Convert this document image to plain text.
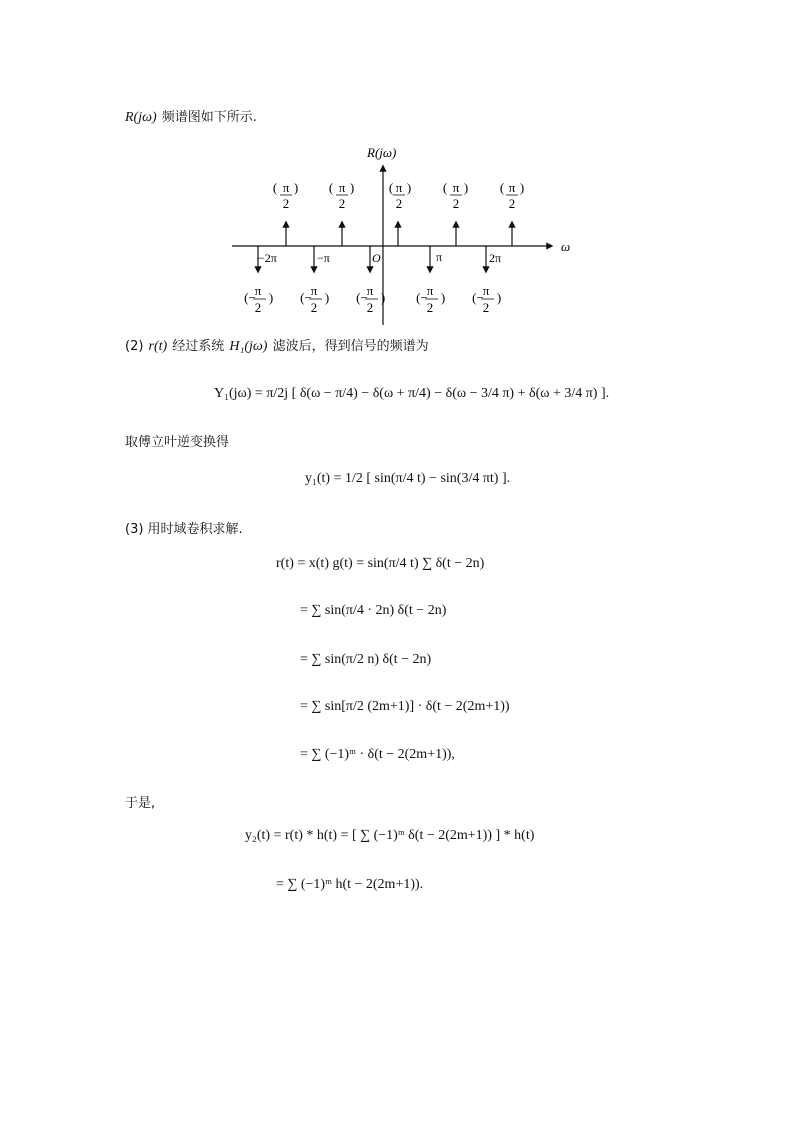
R(jω) 频谱图如下所示.
R(jω)
ω
O
−2π	−π	π	2π
( π
2
) ( π
2
)	( π
2
) ( π
2
) ( π
2
)
(−
π
2
) (−
π
2
) (−
π
2
) (−
π
2
) (−
π
2
)
(2) r(t) 经过系统 H₁(jω) 滤波后，得到信号的频谱为
Y₁(jω) = π/2j [ δ(ω − π/4) − δ(ω + π/4) − δ(ω − 3/4 π) + δ(ω + 3/4 π) ].
取傅立叶逆变换得
y₁(t) = 1/2 [ sin(π/4 t) − sin(3/4 πt) ].
(3) 用时域卷积求解.
r(t) = x(t) g(t) = sin(π/4 t) ∑ δ(t − 2n)
= ∑ sin(π/4 · 2n) δ(t − 2n)
= ∑ sin(π/2 n) δ(t − 2n)
= ∑ sin[π/2 (2m+1)] · δ(t − 2(2m+1))
= ∑ (−1)ᵐ · δ(t − 2(2m+1)),
于是,
y₂(t) = r(t) * h(t) = [ ∑ (−1)ᵐ δ(t − 2(2m+1)) ] * h(t)
= ∑ (−1)ᵐ h(t − 2(2m+1)).
